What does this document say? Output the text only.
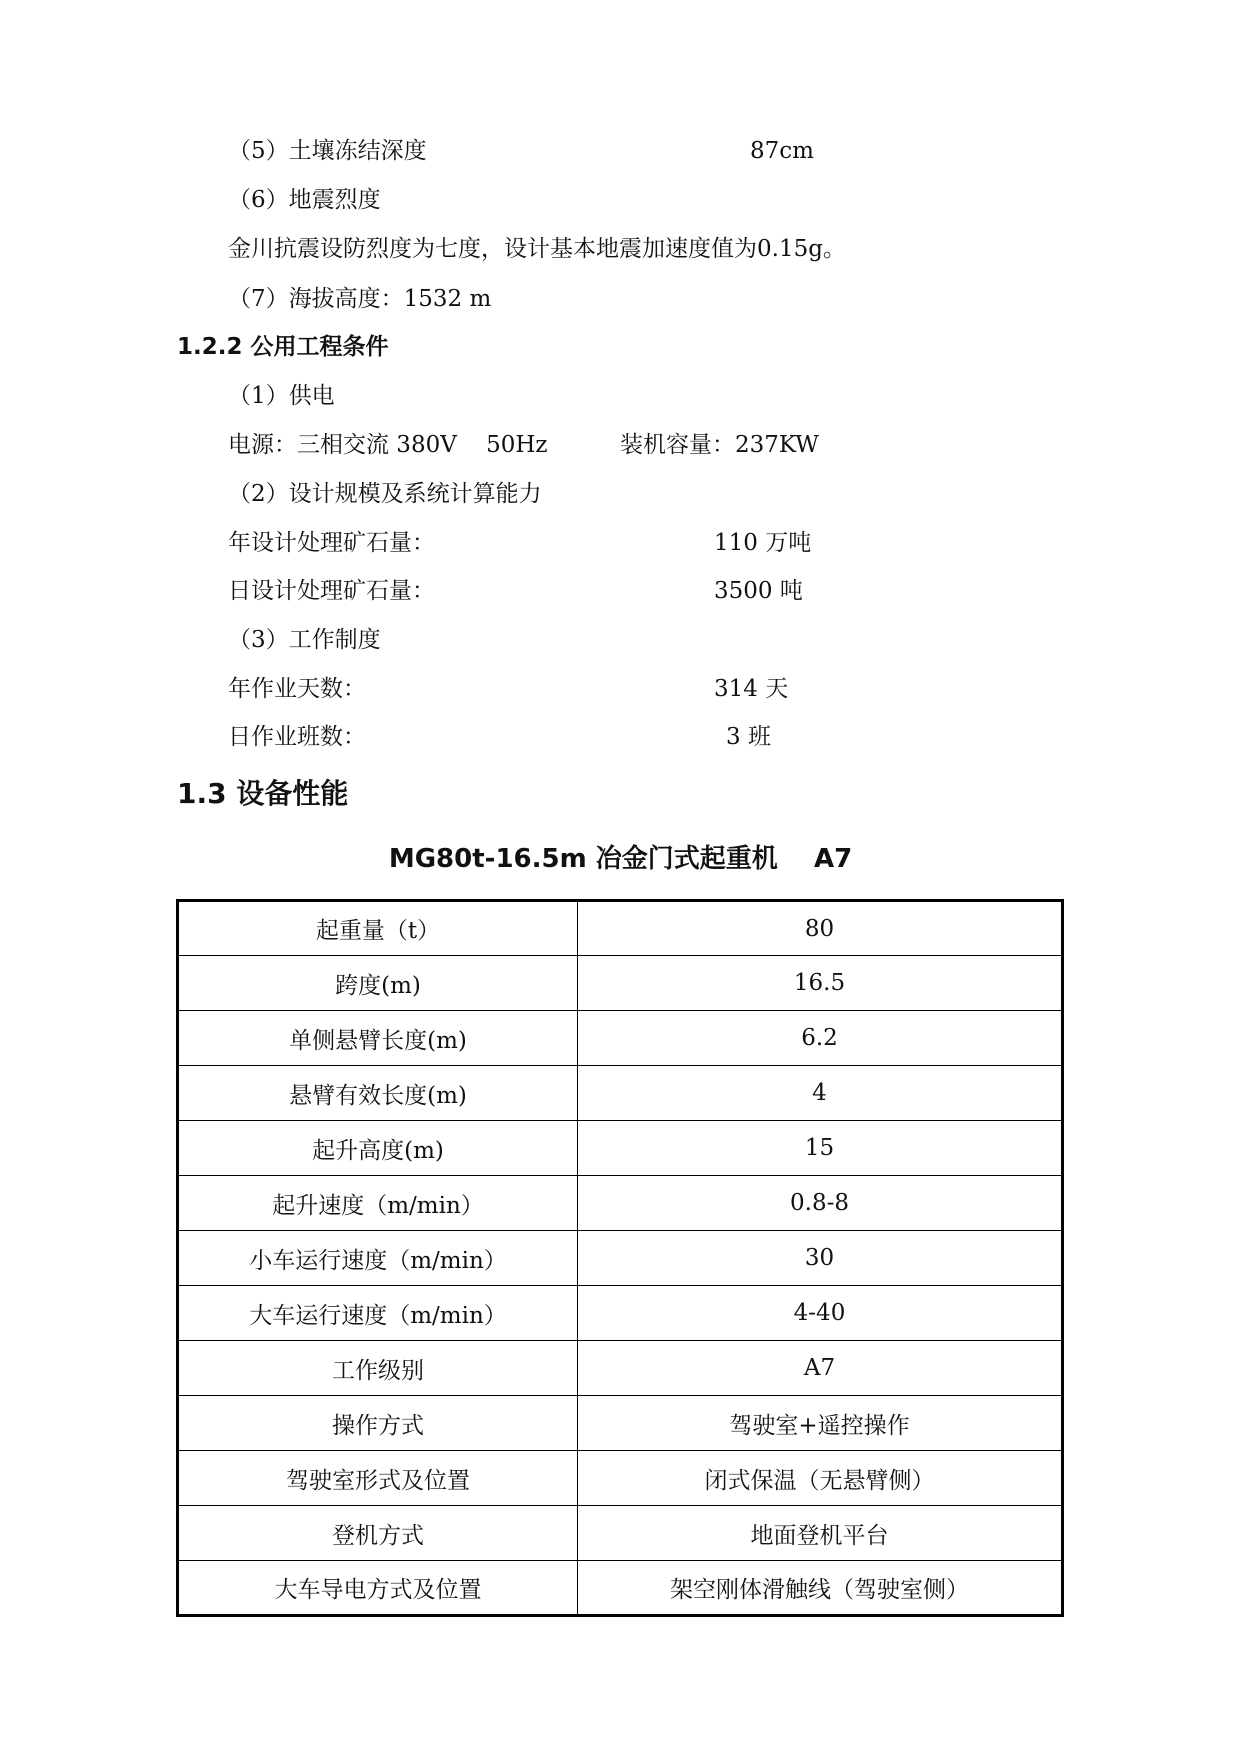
（5）土壤冻结深度	87cm
（6）地震烈度
金川抗震设防烈度为七度，设计基本地震加速度值为0.15g。
（7）海拔高度：1532 m
1.2.2 公用工程条件
（1）供电
电源：三相交流 380V    50Hz	装机容量：237KW
（2）设计规模及系统计算能力
年设计处理矿石量：	110 万吨
日设计处理矿石量：	3500 吨
（3）工作制度
年作业天数：	314 天
日作业班数：	3 班
1.3 设备性能
MG80t-16.5m 冶金门式起重机    A7
起重量（t）	80
跨度(m)	16.5
单侧悬臂长度(m)	6.2
悬臂有效长度(m)	4
起升高度(m)	15
起升速度（m/min）	0.8-8
小车运行速度（m/min）	30
大车运行速度（m/min）	4-40
工作级别	A7
操作方式	驾驶室+遥控操作
驾驶室形式及位置	闭式保温（无悬臂侧）
登机方式	地面登机平台
大车导电方式及位置	架空刚体滑触线（驾驶室侧）
